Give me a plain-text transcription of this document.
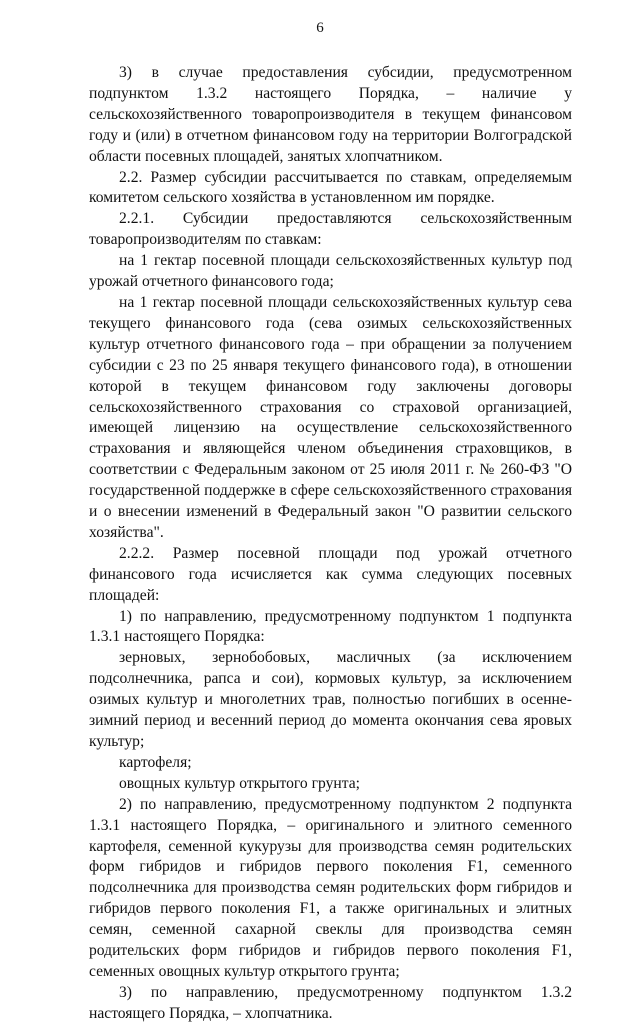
6

3) в случае предоставления субсидии, предусмотренном подпунктом 1.3.2 настоящего Порядка, – наличие у сельскохозяйственного товаропроизводителя в текущем финансовом году и (или) в отчетном финансовом году на территории Волгоградской области посевных площадей, занятых хлопчатником.

2.2. Размер субсидии рассчитывается по ставкам, определяемым комитетом сельского хозяйства в установленном им порядке.

2.2.1. Субсидии предоставляются сельскохозяйственным товаропроизводителям по ставкам:

на 1 гектар посевной площади сельскохозяйственных культур под урожай отчетного финансового года;

на 1 гектар посевной площади сельскохозяйственных культур сева текущего финансового года (сева озимых сельскохозяйственных культур отчетного финансового года – при обращении за получением субсидии с 23 по 25 января текущего финансового года), в отношении которой в текущем финансовом году заключены договоры сельскохозяйственного страхования со страховой организацией, имеющей лицензию на осуществление сельскохозяйственного страхования и являющейся членом объединения страховщиков, в соответствии с Федеральным законом от 25 июля 2011 г. № 260-ФЗ "О государственной поддержке в сфере сельскохозяйственного страхования и о внесении изменений в Федеральный закон "О развитии сельского хозяйства".

2.2.2. Размер посевной площади под урожай отчетного финансового года исчисляется как сумма следующих посевных площадей:

1) по направлению, предусмотренному подпунктом 1 подпункта 1.3.1 настоящего Порядка:

зерновых, зернобобовых, масличных (за исключением подсолнечника, рапса и сои), кормовых культур, за исключением озимых культур и многолетних трав, полностью погибших в осенне-зимний период и весенний период до момента окончания сева яровых культур;

картофеля;

овощных культур открытого грунта;

2) по направлению, предусмотренному подпунктом 2 подпункта 1.3.1 настоящего Порядка, – оригинального и элитного семенного картофеля, семенной кукурузы для производства семян родительских форм гибридов и гибридов первого поколения F1, семенного подсолнечника для производства семян родительских форм гибридов и гибридов первого поколения F1, а также оригинальных и элитных семян, семенной сахарной свеклы для производства семян родительских форм гибридов и гибридов первого поколения F1, семенных овощных культур открытого грунта;

3) по направлению, предусмотренному подпунктом 1.3.2 настоящего Порядка, – хлопчатника.
